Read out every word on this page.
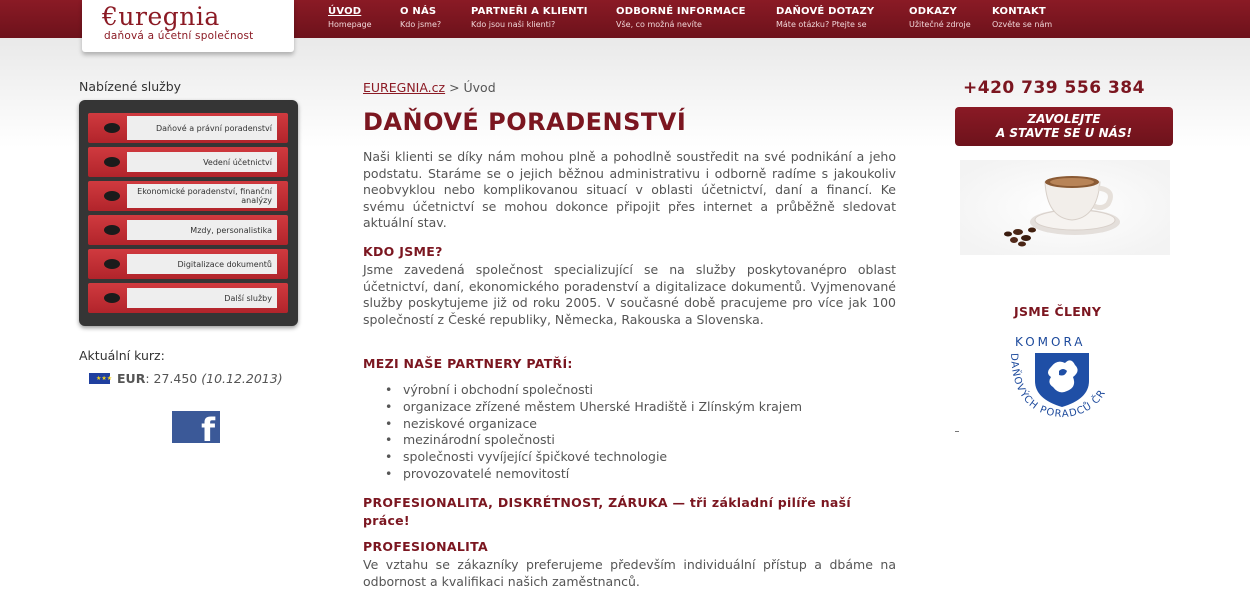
€uregnia
daňová a účetní společnost
ÚVOD
Homepage
O NÁS
Kdo jsme?
PARTNEŘI A KLIENTI
Kdo jsou naši klienti?
ODBORNÉ INFORMACE
Vše, co možná nevíte
DAŇOVÉ DOTAZY
Máte otázku? Ptejte se
ODKAZY
Užitečné zdroje
KONTAKT
Ozvěte se nám
Nabízené služby
Daňové a právní poradenství
Vedení účetnictví
Ekonomické poradenství, finanční analýzy
Mzdy, personalistika
Digitalizace dokumentů
Další služby
Aktuální kurz:
★★★ EUR: 27.450 (10.12.2013)
f
EUREGNIA.cz > Úvod
DAŇOVÉ PORADENSTVÍ
Naši klienti se díky nám mohou plně a pohodlně soustředit na své podnikání a jeho podstatu. Staráme se o jejich běžnou administrativu i odborně radíme s jakoukoliv neobvyklou nebo komplikovanou situací v oblasti účetnictví, daní a financí. Ke svému účetnictví se mohou dokonce připojit přes internet a průběžně sledovat aktuální stav.
KDO JSME?
Jsme zavedená společnost specializující se na služby poskytovanépro oblast účetnictví, daní, ekonomického poradenství a digitalizace dokumentů. Vyjmenované služby poskytujeme již od roku 2005. V současné době pracujeme pro více jak 100 společností z České republiky, Německa, Rakouska a Slovenska.
MEZI NAŠE PARTNERY PATŘÍ:
• výrobní i obchodní společnosti
• organizace zřízené městem Uherské Hradiště i Zlínským krajem
• neziskové organizace
• mezinárodní společnosti
• společnosti vyvíjející špičkové technologie
• provozovatelé nemovitostí
PROFESIONALITA, DISKRÉTNOST, ZÁRUKA — tři základní pilíře naší práce!
PROFESIONALITA
Ve vztahu se zákazníky preferujeme především individuální přístup a dbáme na odbornost a kvalifikaci našich zaměstnanců.
+420 739 556 384
ZAVOLEJTE
A STAVTE SE U NÁS!
JSME ČLENY
KOMORA
DAŇOVÝCH PORADCŮ ČR
